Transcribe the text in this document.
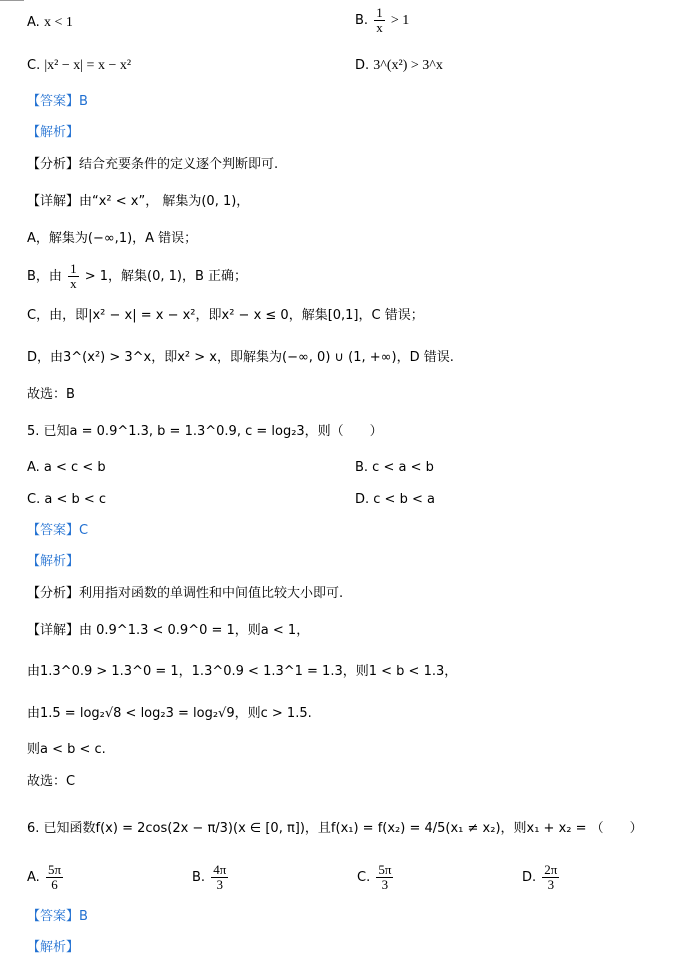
A. x < 1	B. $\frac{1}{x} > 1$
C. |x² − x| = x − x²	D. 3^(x²) > 3^x
【答案】B
【解析】
【分析】结合充要条件的定义逐个判断即可.
【详解】由“x² < x”， 解集为(0, 1)，
A，解集为(−∞,1)，A 错误；
B，由 $\frac{1}{x} > 1$，解集(0, 1)，B 正确；
C，由，即|x² − x| = x − x²，即x² − x ≤ 0，解集[0,1]，C 错误；
D，由3^(x²) > 3^x，即x² > x，即解集为(−∞, 0) ∪ (1, +∞)，D 错误.
故选：B
5. 已知a = 0.9^1.3, b = 1.3^0.9, c = log₂3，则（　　）
A. a < c < b	B. c < a < b
C. a < b < c	D. c < b < a
【答案】C
【解析】
【分析】利用指对函数的单调性和中间值比较大小即可.
【详解】由 0.9^1.3 < 0.9^0 = 1，则a < 1，
由1.3^0.9 > 1.3^0 = 1，1.3^0.9 < 1.3^1 = 1.3，则1 < b < 1.3，
由1.5 = log₂√8 < log₂3 = log₂√9，则c > 1.5.
则a < b < c.
故选：C
6. 已知函数f(x) = 2cos(2x − π/3)(x ∈ [0, π])，且f(x₁) = f(x₂) = 4/5(x₁ ≠ x₂)，则x₁ + x₂ = （　　）
A. $\frac{5\pi}{6}$	B. $\frac{4\pi}{3}$	C. $\frac{5\pi}{3}$	D. $\frac{2\pi}{3}$
【答案】B
【解析】
